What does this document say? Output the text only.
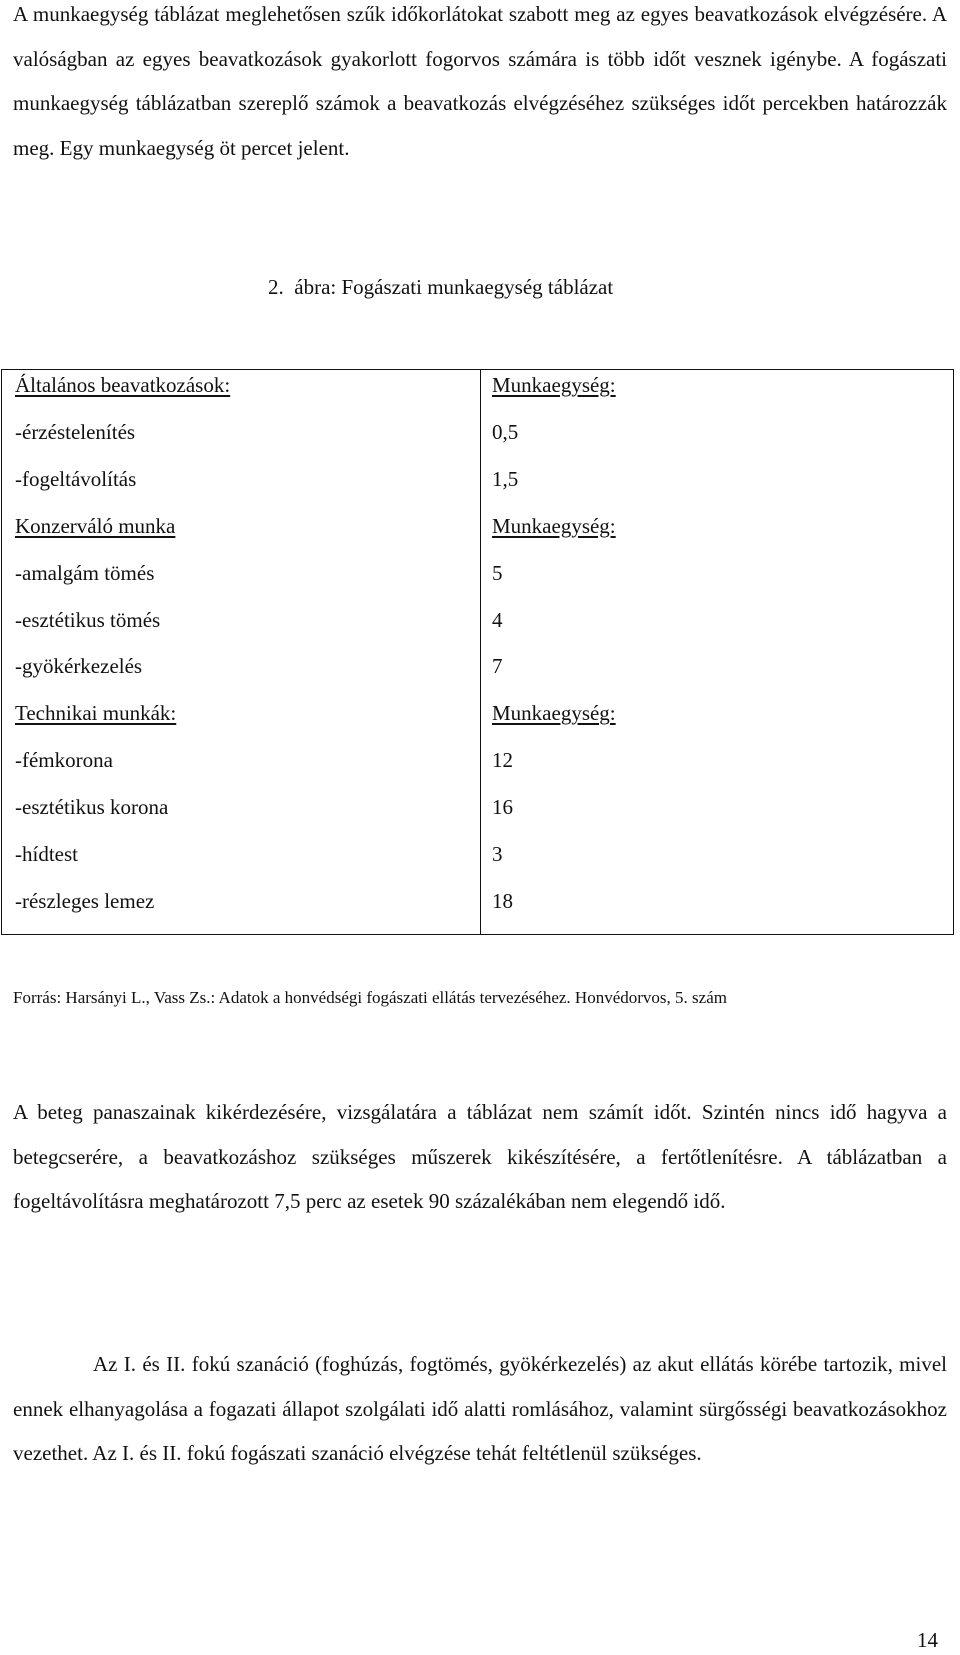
A munkaegység táblázat meglehetősen szűk időkorlátokat szabott meg az egyes beavatkozások elvégzésére. A valóságban az egyes beavatkozások gyakorlott fogorvos számára is több időt vesznek igénybe. A fogászati munkaegység táblázatban szereplő számok a beavatkozás elvégzéséhez szükséges időt percekben határozzák meg. Egy munkaegység öt percet jelent.
2.  ábra: Fogászati munkaegység táblázat
Általános beavatkozások:	Munkaegység:
-érzéstelenítés	0,5
-fogeltávolítás	1,5
Konzerváló munka	Munkaegység:
-amalgám tömés	5
-esztétikus tömés	4
-gyökérkezelés	7
Technikai munkák:	Munkaegység:
-fémkorona	12
-esztétikus korona	16
-hídtest	3
-részleges lemez	18
Forrás: Harsányi L., Vass Zs.: Adatok a honvédségi fogászati ellátás tervezéséhez. Honvédorvos, 5. szám
A beteg panaszainak kikérdezésére, vizsgálatára a táblázat nem számít időt. Szintén nincs idő hagyva a betegcserére, a beavatkozáshoz szükséges műszerek kikészítésére, a fertőtlenítésre. A táblázatban a fogeltávolításra meghatározott 7,5 perc az esetek 90 százalékában nem elegendő idő.
Az I. és II. fokú szanáció (foghúzás, fogtömés, gyökérkezelés) az akut ellátás körébe tartozik, mivel ennek elhanyagolása a fogazati állapot szolgálati idő alatti romlásához, valamint sürgősségi beavatkozásokhoz vezethet. Az I. és II. fokú fogászati szanáció elvégzése tehát feltétlenül szükséges.
14
